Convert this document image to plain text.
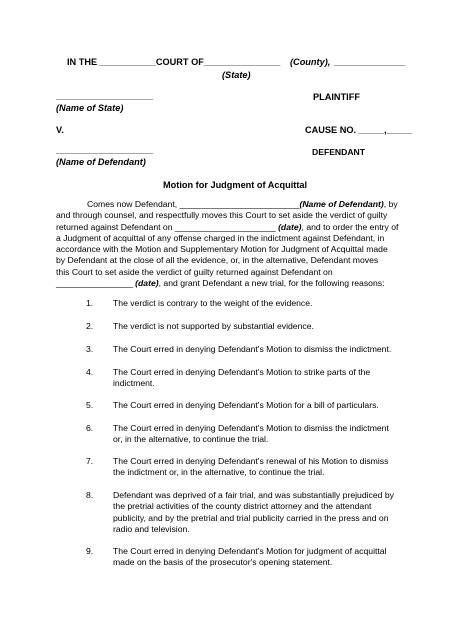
IN THE ___________COURT OF_______________ (County), ______________
(State)
___________________	PLAINTIFF
(Name of State)
V.	CAUSE NO. _____,_____
___________________	DEFENDANT
(Name of Defendant)
Motion for Judgment of Acquittal
Comes now Defendant, _________________________(Name of Defendant), by
and through counsel, and respectfully moves this Court to set aside the verdict of guilty
returned against Defendant on _____________________ (date), and to order the entry of
a Judgment of acquittal of any offense charged in the indictment against Defendant, in
accordance with the Motion and Supplementary Motion for Judgment of Acquittal made
by Defendant at the close of all the evidence, or, in the alternative, Defendant moves
this Court to set aside the verdict of guilty returned against Defendant on
________________ (date), and grant Defendant a new trial, for the following reasons:
1.	The verdict is contrary to the weight of the evidence.
2.	The verdict is not supported by substantial evidence.
3.	The Court erred in denying Defendant's Motion to dismiss the indictment.
4.	The Court erred in denying Defendant's Motion to strike parts of the
indictment.
5.	The Court erred in denying Defendant's Motion for a bill of particulars.
6.	The Court erred in denying Defendant's Motion to dismiss the indictment
or, in the alternative, to continue the trial.
7.	The Court erred in denying Defendant's renewal of his Motion to dismiss
the indictment or, in the alternative, to continue the trial.
8.	Defendant was deprived of a fair trial, and was substantially prejudiced by
the pretrial activities of the county district attorney and the attendant
publicity, and by the pretrial and trial publicity carried in the press and on
radio and television.
9.	The Court erred in denying Defendant's Motion for judgment of acquittal
made on the basis of the prosecutor's opening statement.
